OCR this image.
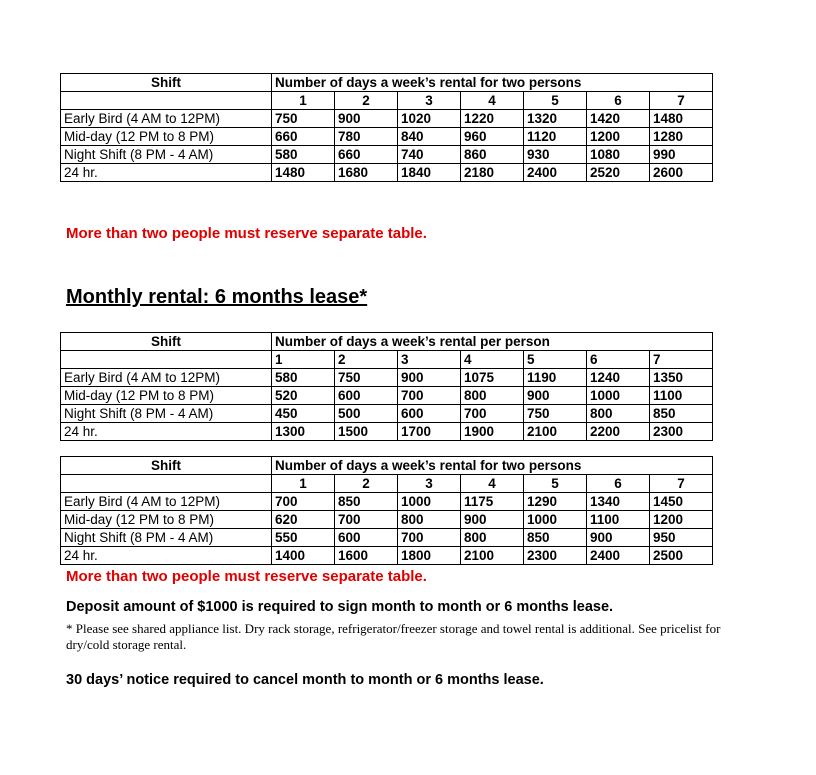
Shift	Number of days a week’s rental for two persons						
	1	2	3	4	5	6	7
Early Bird (4 AM to 12PM)	750	900	1020	1220	1320	1420	1480
Mid-day (12 PM to 8 PM)	660	780	840	960	1120	1200	1280
Night Shift (8 PM - 4 AM)	580	660	740	860	930	1080	990
24 hr.	1480	1680	1840	2180	2400	2520	2600

More than two people must reserve separate table.

Monthly rental: 6 months lease*
Shift	Number of days a week’s rental per person						
	1	2	3	4	5	6	7
Early Bird (4 AM to 12PM)	580	750	900	1075	1190	1240	1350
Mid-day (12 PM to 8 PM)	520	600	700	800	900	1000	1100
Night Shift (8 PM - 4 AM)	450	500	600	700	750	800	850
24 hr.	1300	1500	1700	1900	2100	2200	2300
Shift	Number of days a week’s rental for two persons						
	1	2	3	4	5	6	7
Early Bird (4 AM to 12PM)	700	850	1000	1175	1290	1340	1450
Mid-day (12 PM to 8 PM)	620	700	800	900	1000	1100	1200
Night Shift (8 PM - 4 AM)	550	600	700	800	850	900	950
24 hr.	1400	1600	1800	2100	2300	2400	2500

More than two people must reserve separate table.

Deposit amount of $1000 is required to sign month to month or 6 months lease.

* Please see shared appliance list. Dry rack storage, refrigerator/freezer storage and towel rental is additional. See pricelist for dry/cold storage rental.

30 days’ notice required to cancel month to month or 6 months lease.
